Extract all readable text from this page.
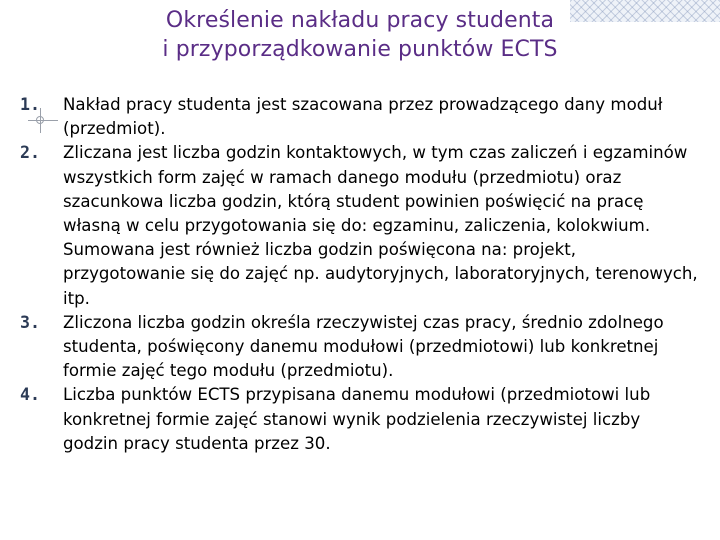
Określenie nakładu pracy studenta
i przyporządkowanie punktów ECTS
1.	Nakład pracy studenta jest szacowana przez prowadzącego dany moduł (przedmiot).
2.	Zliczana jest liczba godzin kontaktowych, w tym czas zaliczeń i egzaminów wszystkich form zajęć w ramach danego modułu (przedmiotu) oraz szacunkowa liczba godzin, którą student powinien poświęcić na pracę własną w celu przygotowania się do: egzaminu, zaliczenia, kolokwium. Sumowana jest również liczba godzin poświęcona na: projekt, przygotowanie się do zajęć np. audytoryjnych, laboratoryjnych, terenowych, itp.
3.	Zliczona liczba godzin określa rzeczywistej czas pracy, średnio zdolnego studenta, poświęcony danemu modułowi (przedmiotowi) lub konkretnej formie zajęć tego modułu (przedmiotu).
4.	Liczba punktów ECTS przypisana danemu modułowi (przedmiotowi lub konkretnej formie zajęć stanowi wynik podzielenia rzeczywistej liczby godzin pracy studenta przez 30.
